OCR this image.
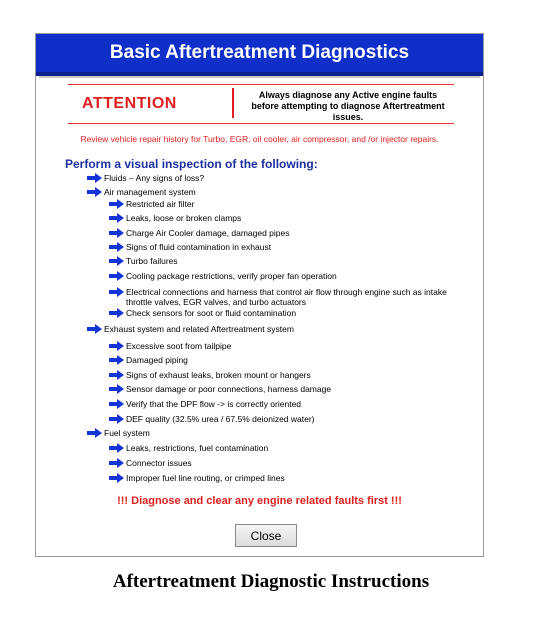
Basic Aftertreatment Diagnostics
ATTENTION	Always diagnose any Active engine faults before attempting to diagnose Aftertreatment issues.
Review vehicle repair history for Turbo, EGR, oil cooler, air compressor, and /or injector repairs.
Perform a visual inspection of the following:
Fluids – Any signs of loss?
Air management system
Restricted air filter
Leaks, loose or broken clamps
Charge Air Cooler damage, damaged pipes
Signs of fluid contamination in exhaust
Turbo failures
Cooling package restrictions, verify proper fan operation
Electrical connections and harness that control air flow through engine such as intake throttle valves, EGR valves, and turbo actuators
Check sensors for soot or fluid contamination
Exhaust system and related Aftertreatment system
Excessive soot from tailpipe
Damaged piping
Signs of exhaust leaks, broken mount or hangers
Sensor damage or poor connections, harness damage
Verify that the DPF flow -> is correctly oriented
DEF quality (32.5% urea / 67.5% deionized water)
Fuel system
Leaks, restrictions, fuel contamination
Connector issues
Improper fuel line routing, or crimped lines
!!! Diagnose and clear any engine related faults first !!!
Close
Aftertreatment Diagnostic Instructions
